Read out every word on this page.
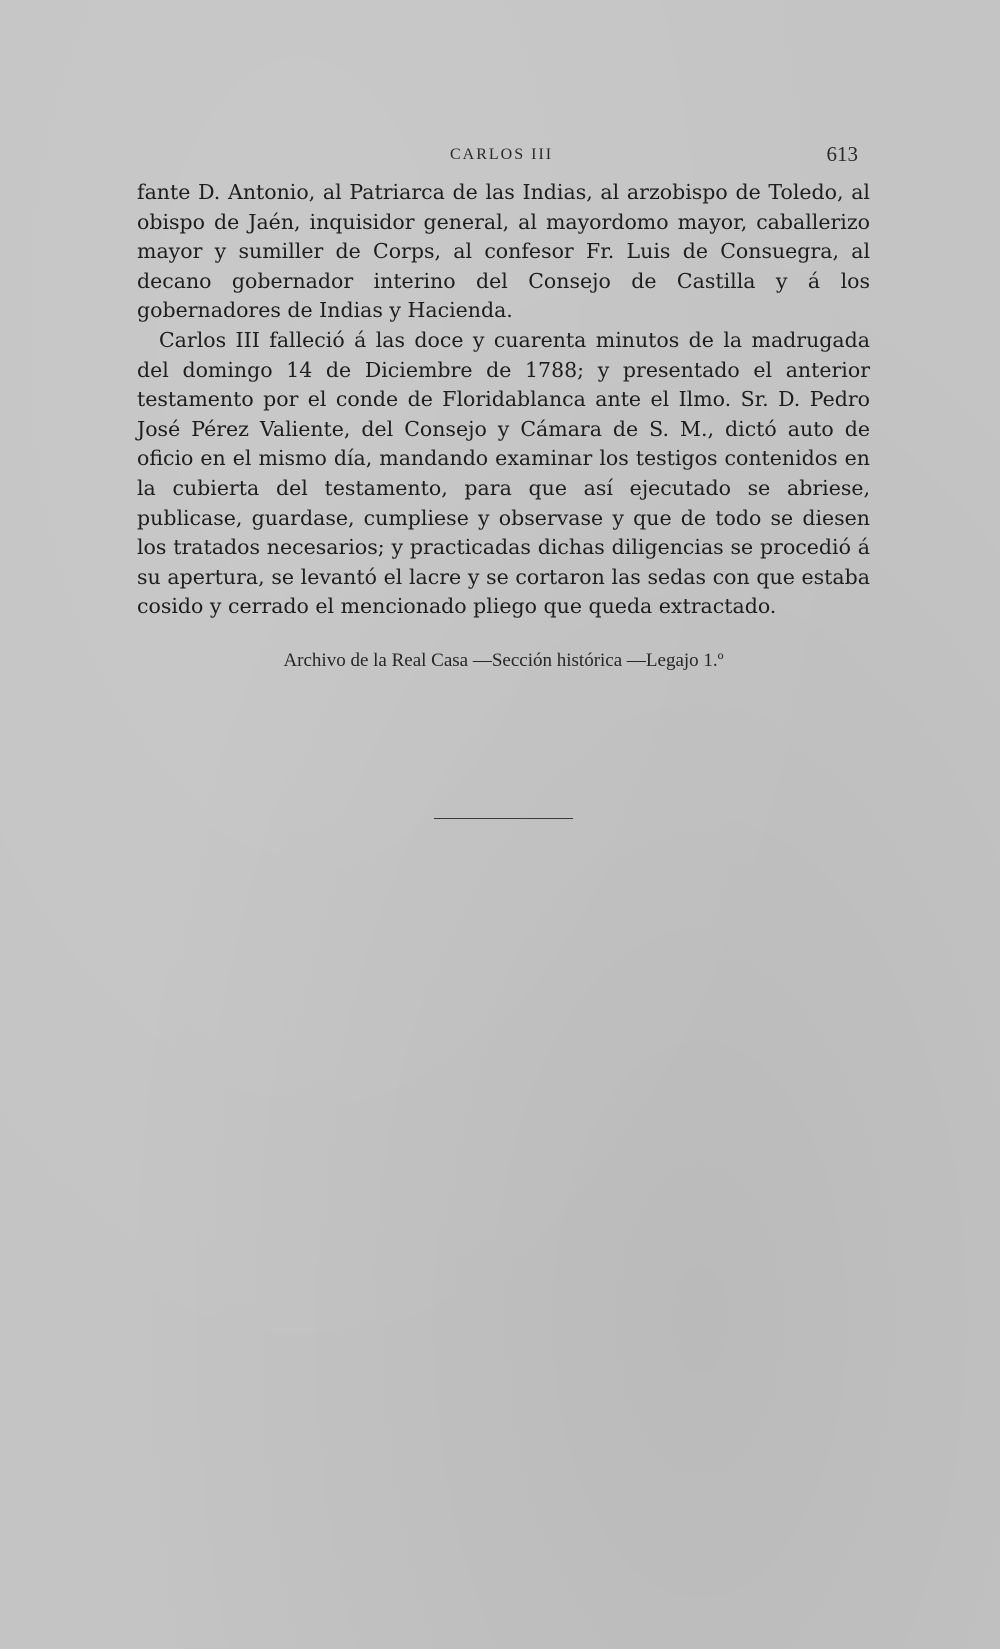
CARLOS III	613

fante D. Antonio, al Patriarca de las Indias, al arzobispo de Toledo, al obispo de Jaén, inquisidor general, al mayordomo mayor, caballerizo mayor y sumiller de Corps, al confesor Fr. Luis de Consuegra, al decano gobernador interino del Consejo de Castilla y á los gobernadores de Indias y Hacienda.

Carlos III falleció á las doce y cuarenta minutos de la madrugada del domingo 14 de Diciembre de 1788; y presentado el anterior testamento por el conde de Floridablanca ante el Ilmo. Sr. D. Pedro José Pérez Valiente, del Consejo y Cámara de S. M., dictó auto de oficio en el mismo día, mandando examinar los testigos contenidos en la cubierta del testamento, para que así ejecutado se abriese, publicase, guardase, cumpliese y observase y que de todo se diesen los tratados necesarios; y practicadas dichas diligencias se procedió á su apertura, se levantó el lacre y se cortaron las sedas con que estaba cosido y cerrado el mencionado pliego que queda extractado.

Archivo de la Real Casa —Sección histórica —Legajo 1.º
